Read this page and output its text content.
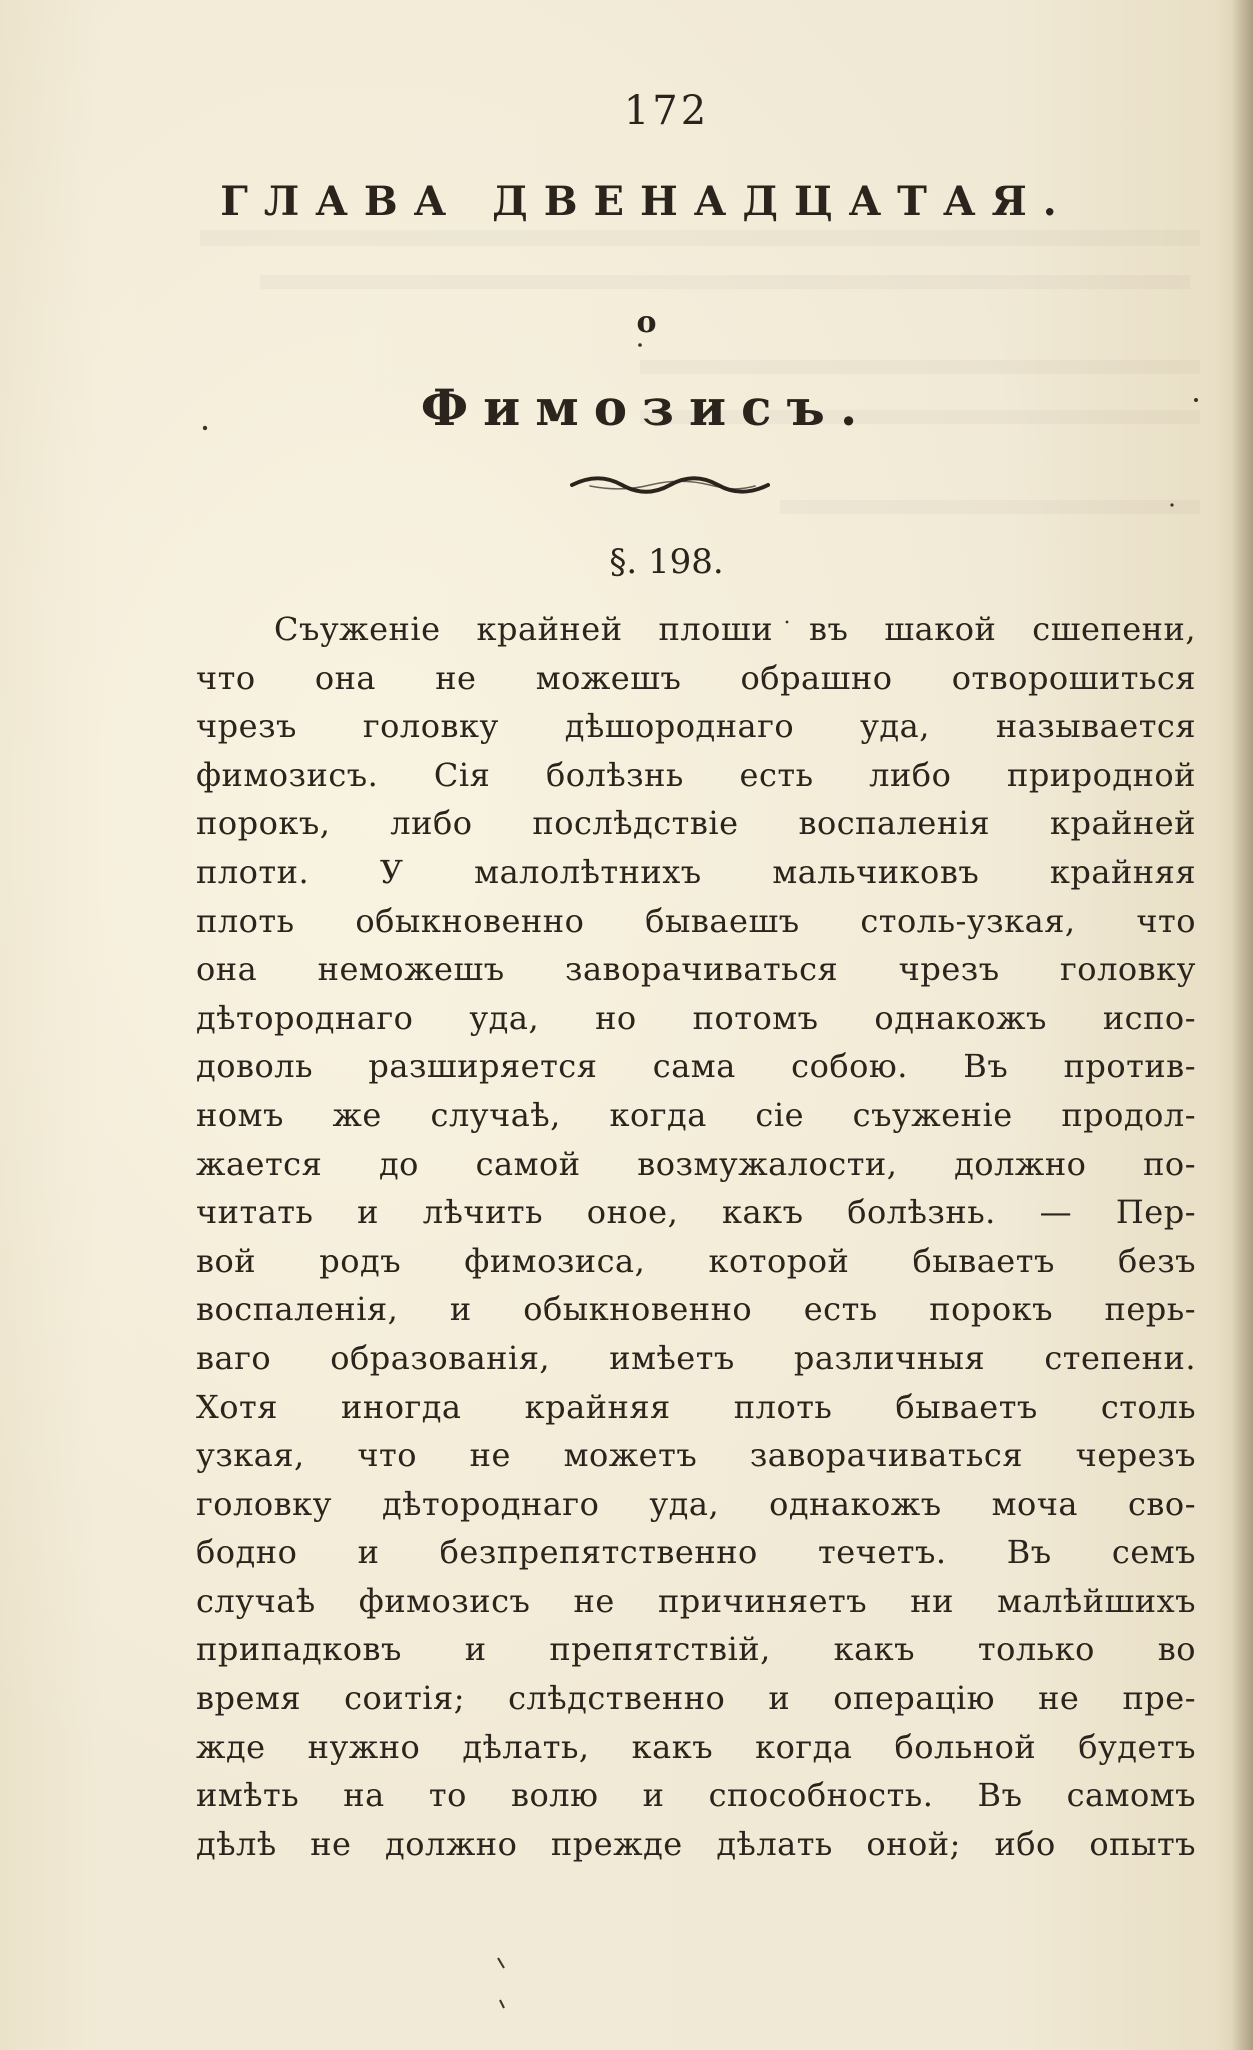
172
ГЛАВА ДВЕНАДЦАТАЯ.
о
Фимозисъ.
§. 198.
Съуженіе крайней плоши въ шакой сшепени,
что она не можешъ обрашно отворошиться
чрезъ головку дѣшороднаго уда, называется
фимозисъ. Сія болѣзнь есть либо природной
порокъ, либо послѣдствіе воспаленія крайней
плоти. У малолѣтнихъ мальчиковъ крайняя
плоть обыкновенно бываешъ столь-узкая, что
она неможешъ заворачиваться чрезъ головку
дѣтороднаго уда, но потомъ однакожъ испо-
доволь разширяется сама собою. Въ против-
номъ же случаѣ, когда сіе съуженіе продол-
жается до самой возмужалости, должно по-
читать и лѣчить оное, какъ болѣзнь. — Пер-
вой родъ фимозиса, которой бываетъ безъ
воспаленія, и обыкновенно есть порокъ перь-
ваго образованія, имѣетъ различныя степени.
Хотя иногда крайняя плоть бываетъ столь
узкая, что не можетъ заворачиваться черезъ
головку дѣтороднаго уда, однакожъ моча сво-
бодно и безпрепятственно течетъ. Въ семъ
случаѣ фимозисъ не причиняетъ ни малѣйшихъ
припадковъ и препятствій, какъ только во
время соитія; слѣдственно и операцію не пре-
жде нужно дѣлать, какъ когда больной будетъ
имѣть на то волю и способность. Въ самомъ
дѣлѣ не должно прежде дѣлать оной; ибо опытъ
